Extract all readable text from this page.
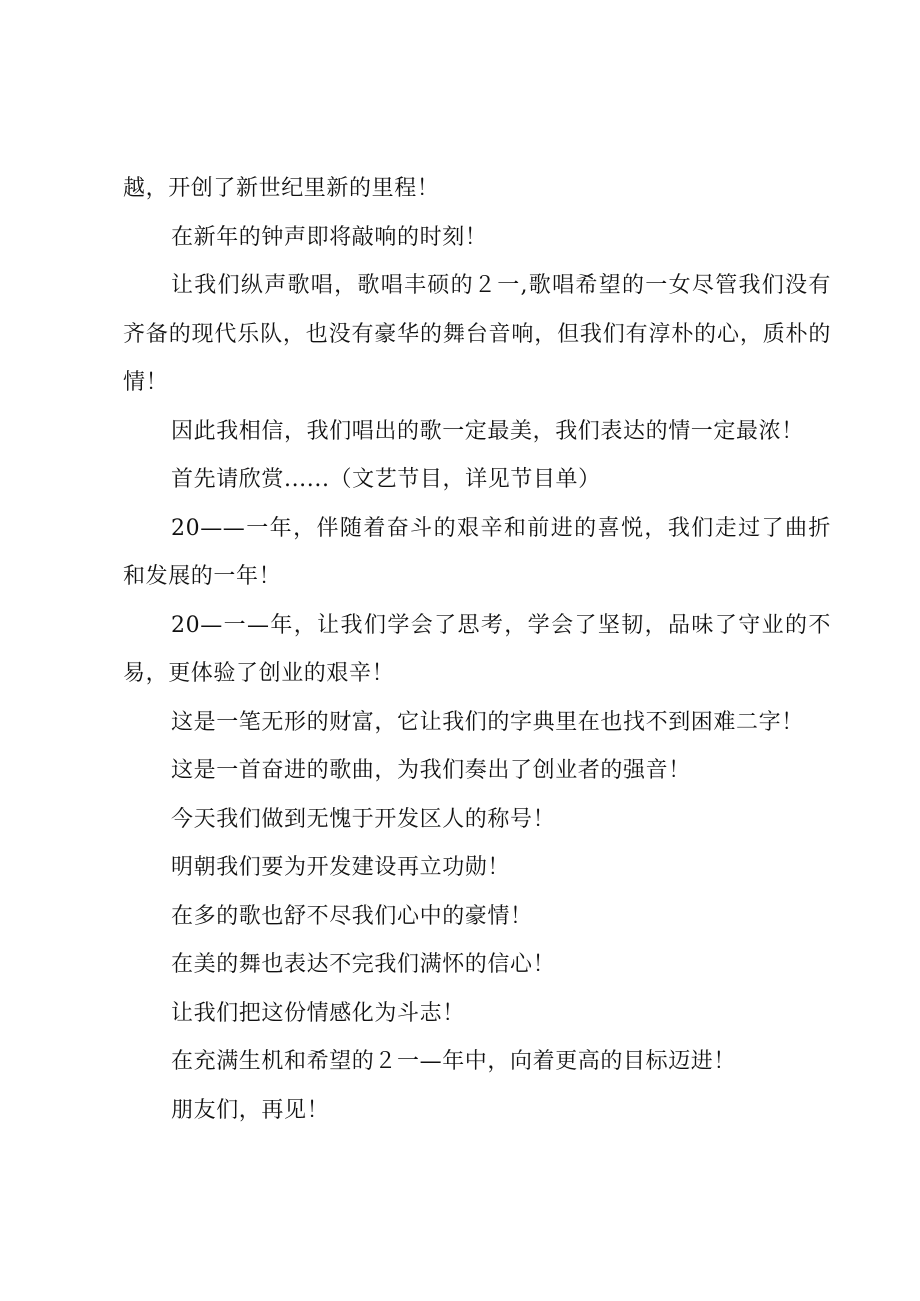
越，开创了新世纪里新的里程！

在新年的钟声即将敲响的时刻！

让我们纵声歌唱，歌唱丰硕的２一,歌唱希望的一女尽管我们没有齐备的现代乐队，也没有豪华的舞台音响，但我们有淳朴的心，质朴的情！

因此我相信，我们唱出的歌一定最美，我们表达的情一定最浓！

首先请欣赏......（文艺节目，详见节目单）

20——一年，伴随着奋斗的艰辛和前进的喜悦，我们走过了曲折和发展的一年！

20—一—年，让我们学会了思考，学会了坚韧，品味了守业的不易，更体验了创业的艰辛！

这是一笔无形的财富，它让我们的字典里在也找不到困难二字！

这是一首奋进的歌曲，为我们奏出了创业者的强音！

今天我们做到无愧于开发区人的称号！

明朝我们要为开发建设再立功勋！

在多的歌也舒不尽我们心中的豪情！

在美的舞也表达不完我们满怀的信心！

让我们把这份情感化为斗志！

在充满生机和希望的２一—年中，向着更高的目标迈进！

朋友们，再见！
